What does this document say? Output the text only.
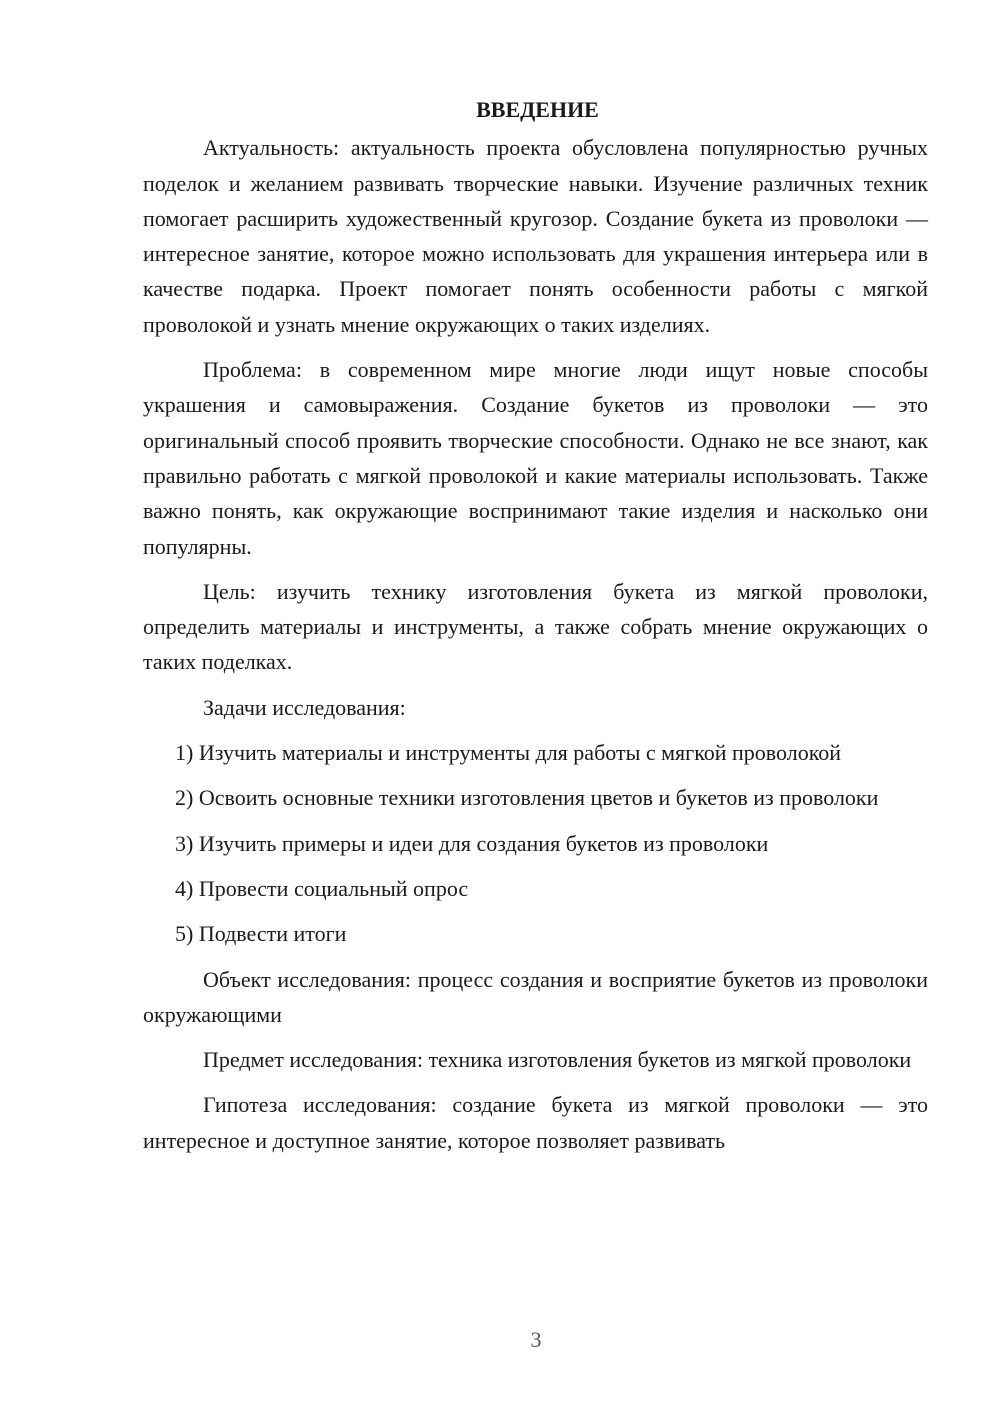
ВВЕДЕНИЕ

Актуальность: актуальность проекта обусловлена популярностью ручных поделок и желанием развивать творческие навыки. Изучение различных техник помогает расширить художественный кругозор. Создание букета из проволоки — интересное занятие, которое можно использовать для украшения интерьера или в качестве подарка. Проект помогает понять особенности работы с мягкой проволокой и узнать мнение окружающих о таких изделиях.

Проблема: в современном мире многие люди ищут новые способы украшения и самовыражения. Создание букетов из проволоки — это оригинальный способ проявить творческие способности. Однако не все знают, как правильно работать с мягкой проволокой и какие материалы использовать. Также важно понять, как окружающие воспринимают такие изделия и насколько они популярны.

Цель: изучить технику изготовления букета из мягкой проволоки, определить материалы и инструменты, а также собрать мнение окружающих о таких поделках.

Задачи исследования:

1) Изучить материалы и инструменты для работы с мягкой проволокой

2) Освоить основные техники изготовления цветов и букетов из проволоки

3) Изучить примеры и идеи для создания букетов из проволоки

4) Провести социальный опрос

5) Подвести итоги

Объект исследования: процесс создания и восприятие букетов из проволоки окружающими

Предмет исследования: техника изготовления букетов из мягкой проволоки

Гипотеза исследования: создание букета из мягкой проволоки — это интересное и доступное занятие, которое позволяет развивать

3
